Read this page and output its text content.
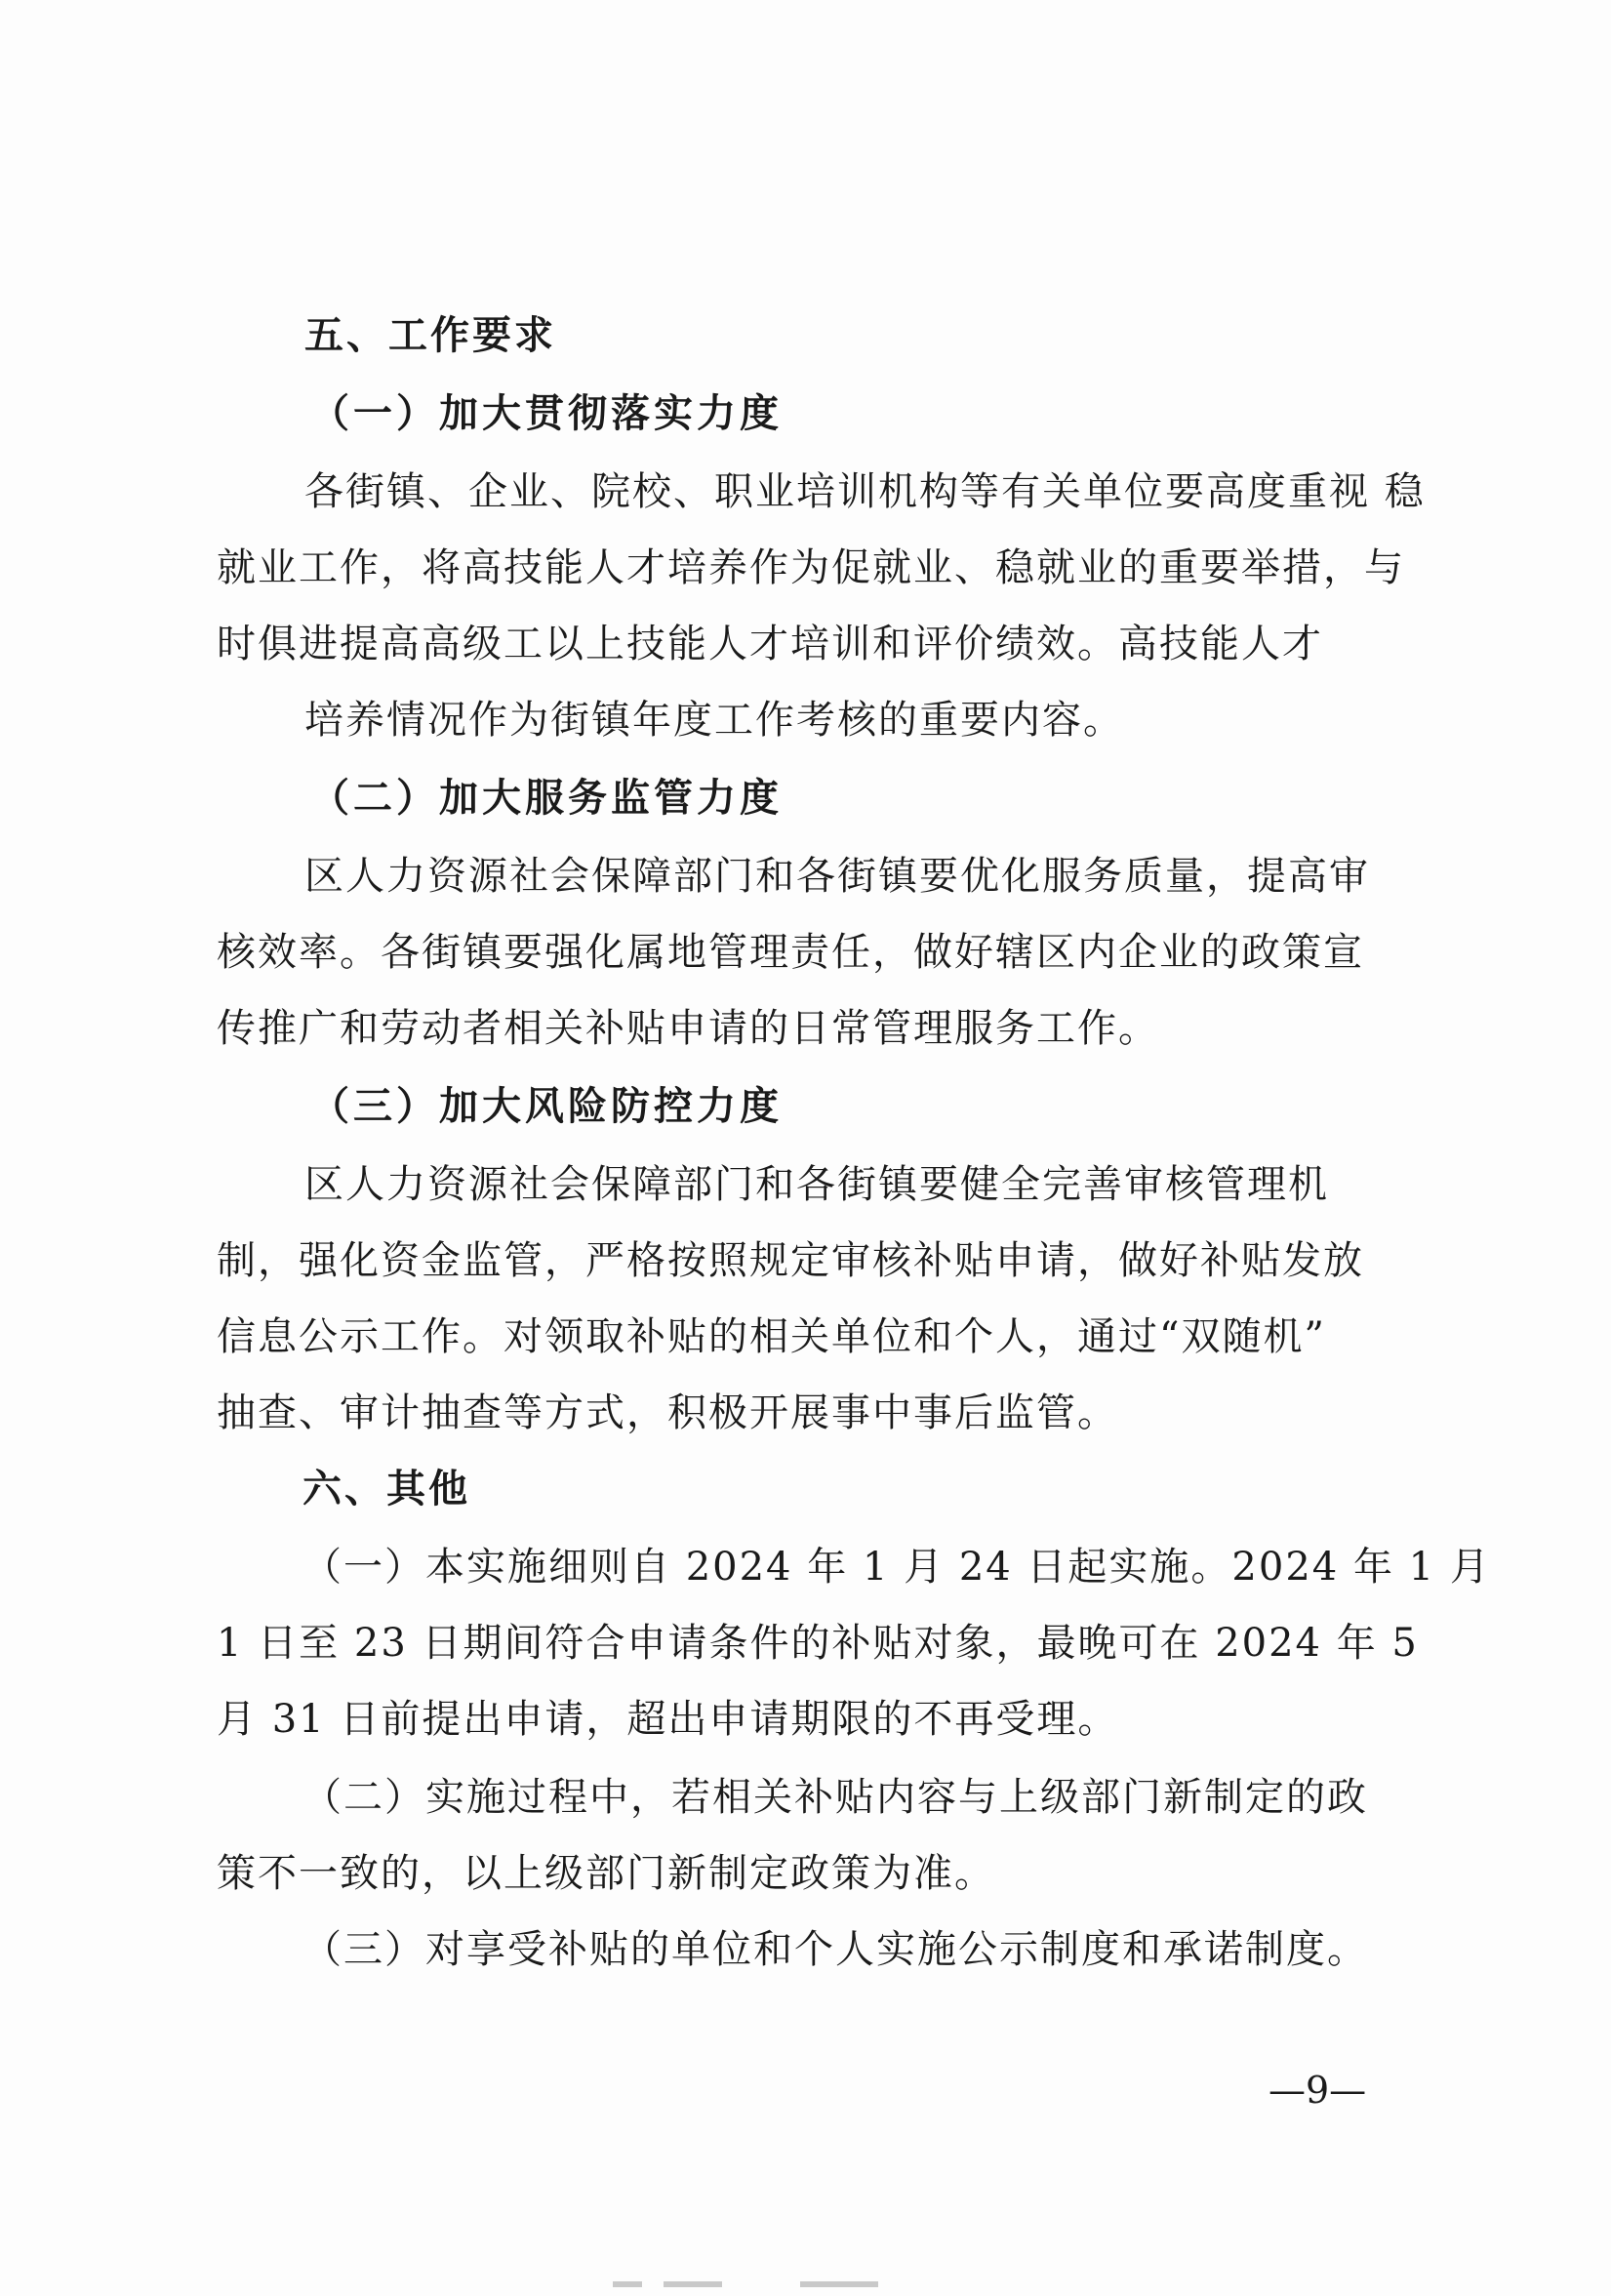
五、工作要求
（一）加大贯彻落实力度
各街镇、企业、院校、职业培训机构等有关单位要高度重视 稳
就业工作，将高技能人才培养作为促就业、稳就业的重要举措，与
时俱进提高高级工以上技能人才培训和评价绩效。高技能人才
培养情况作为街镇年度工作考核的重要内容。
（二）加大服务监管力度
区人力资源社会保障部门和各街镇要优化服务质量，提高审
核效率。各街镇要强化属地管理责任，做好辖区内企业的政策宣
传推广和劳动者相关补贴申请的日常管理服务工作。
（三）加大风险防控力度
区人力资源社会保障部门和各街镇要健全完善审核管理机
制，强化资金监管，严格按照规定审核补贴申请，做好补贴发放
信息公示工作。对领取补贴的相关单位和个人，通过“双随机”
抽查、审计抽查等方式，积极开展事中事后监管。
六、其他
（一）本实施细则自 2024 年 1 月 24 日起实施。2024 年 1 月
1 日至 23 日期间符合申请条件的补贴对象，最晚可在 2024 年 5
月 31 日前提出申请，超出申请期限的不再受理。
（二）实施过程中，若相关补贴内容与上级部门新制定的政
策不一致的，以上级部门新制定政策为准。
（三）对享受补贴的单位和个人实施公示制度和承诺制度。
—9—
